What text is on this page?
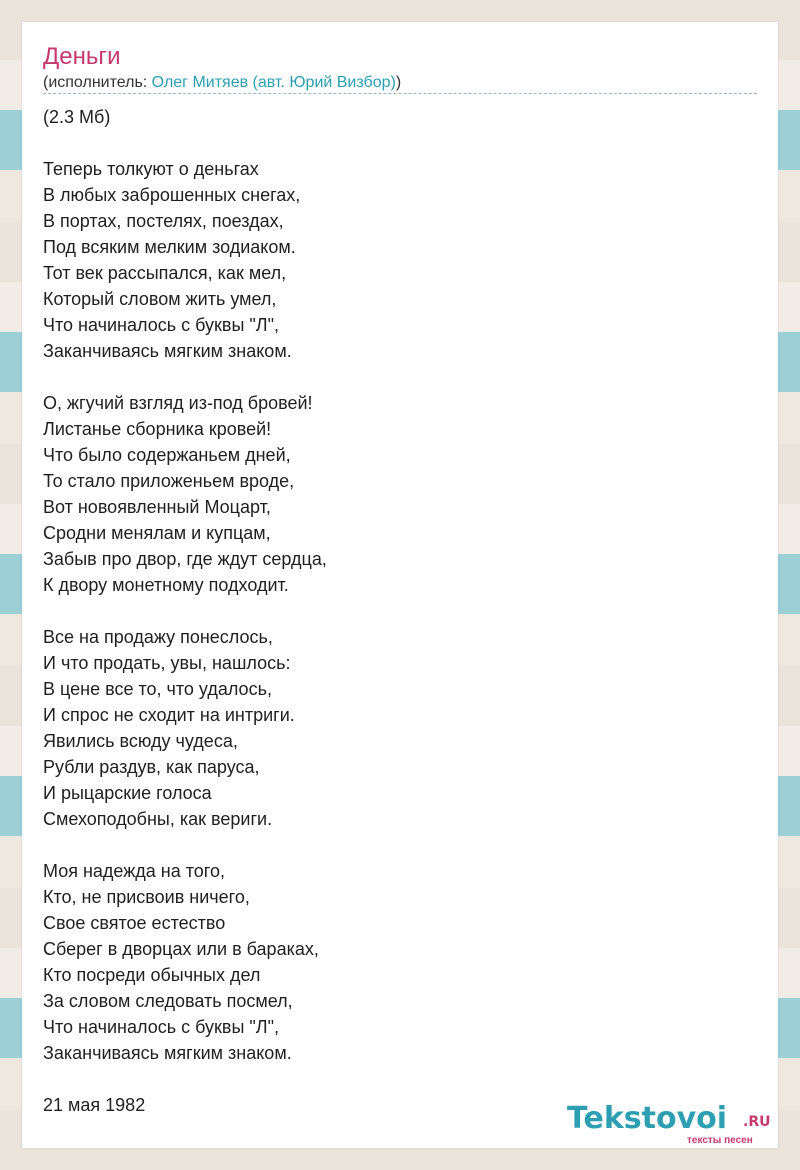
Деньги
(исполнитель: Олег Митяев (авт. Юрий Визбор))
(2.3 Мб)
Теперь толкуют о деньгах
В любых заброшенных снегах,
В портах, постелях, поездах,
Под всяким мелким зодиаком.
Тот век рассыпался, как мел,
Который словом жить умел,
Что начиналось с буквы "Л",
Заканчиваясь мягким знаком.
О, жгучий взгляд из-под бровей!
Листанье сборника кровей!
Что было содержаньем дней,
То стало приложеньем вроде,
Вот новоявленный Моцарт,
Сродни менялам и купцам,
Забыв про двор, где ждут сердца,
К двору монетному подходит.
Все на продажу понеслось,
И что продать, увы, нашлось:
В цене все то, что удалось,
И спрос не сходит на интриги.
Явились всюду чудеса,
Рубли раздув, как паруса,
И рыцарские голоса
Смехоподобны, как вериги.
Моя надежда на того,
Кто, не присвоив ничего,
Свое святое естество
Сберег в дворцах или в бараках,
Кто посреди обычных дел
За словом следовать посмел,
Что начиналось с буквы "Л",
Заканчиваясь мягким знаком.
21 мая 1982	Tekstovoi .RU
тексты песен
